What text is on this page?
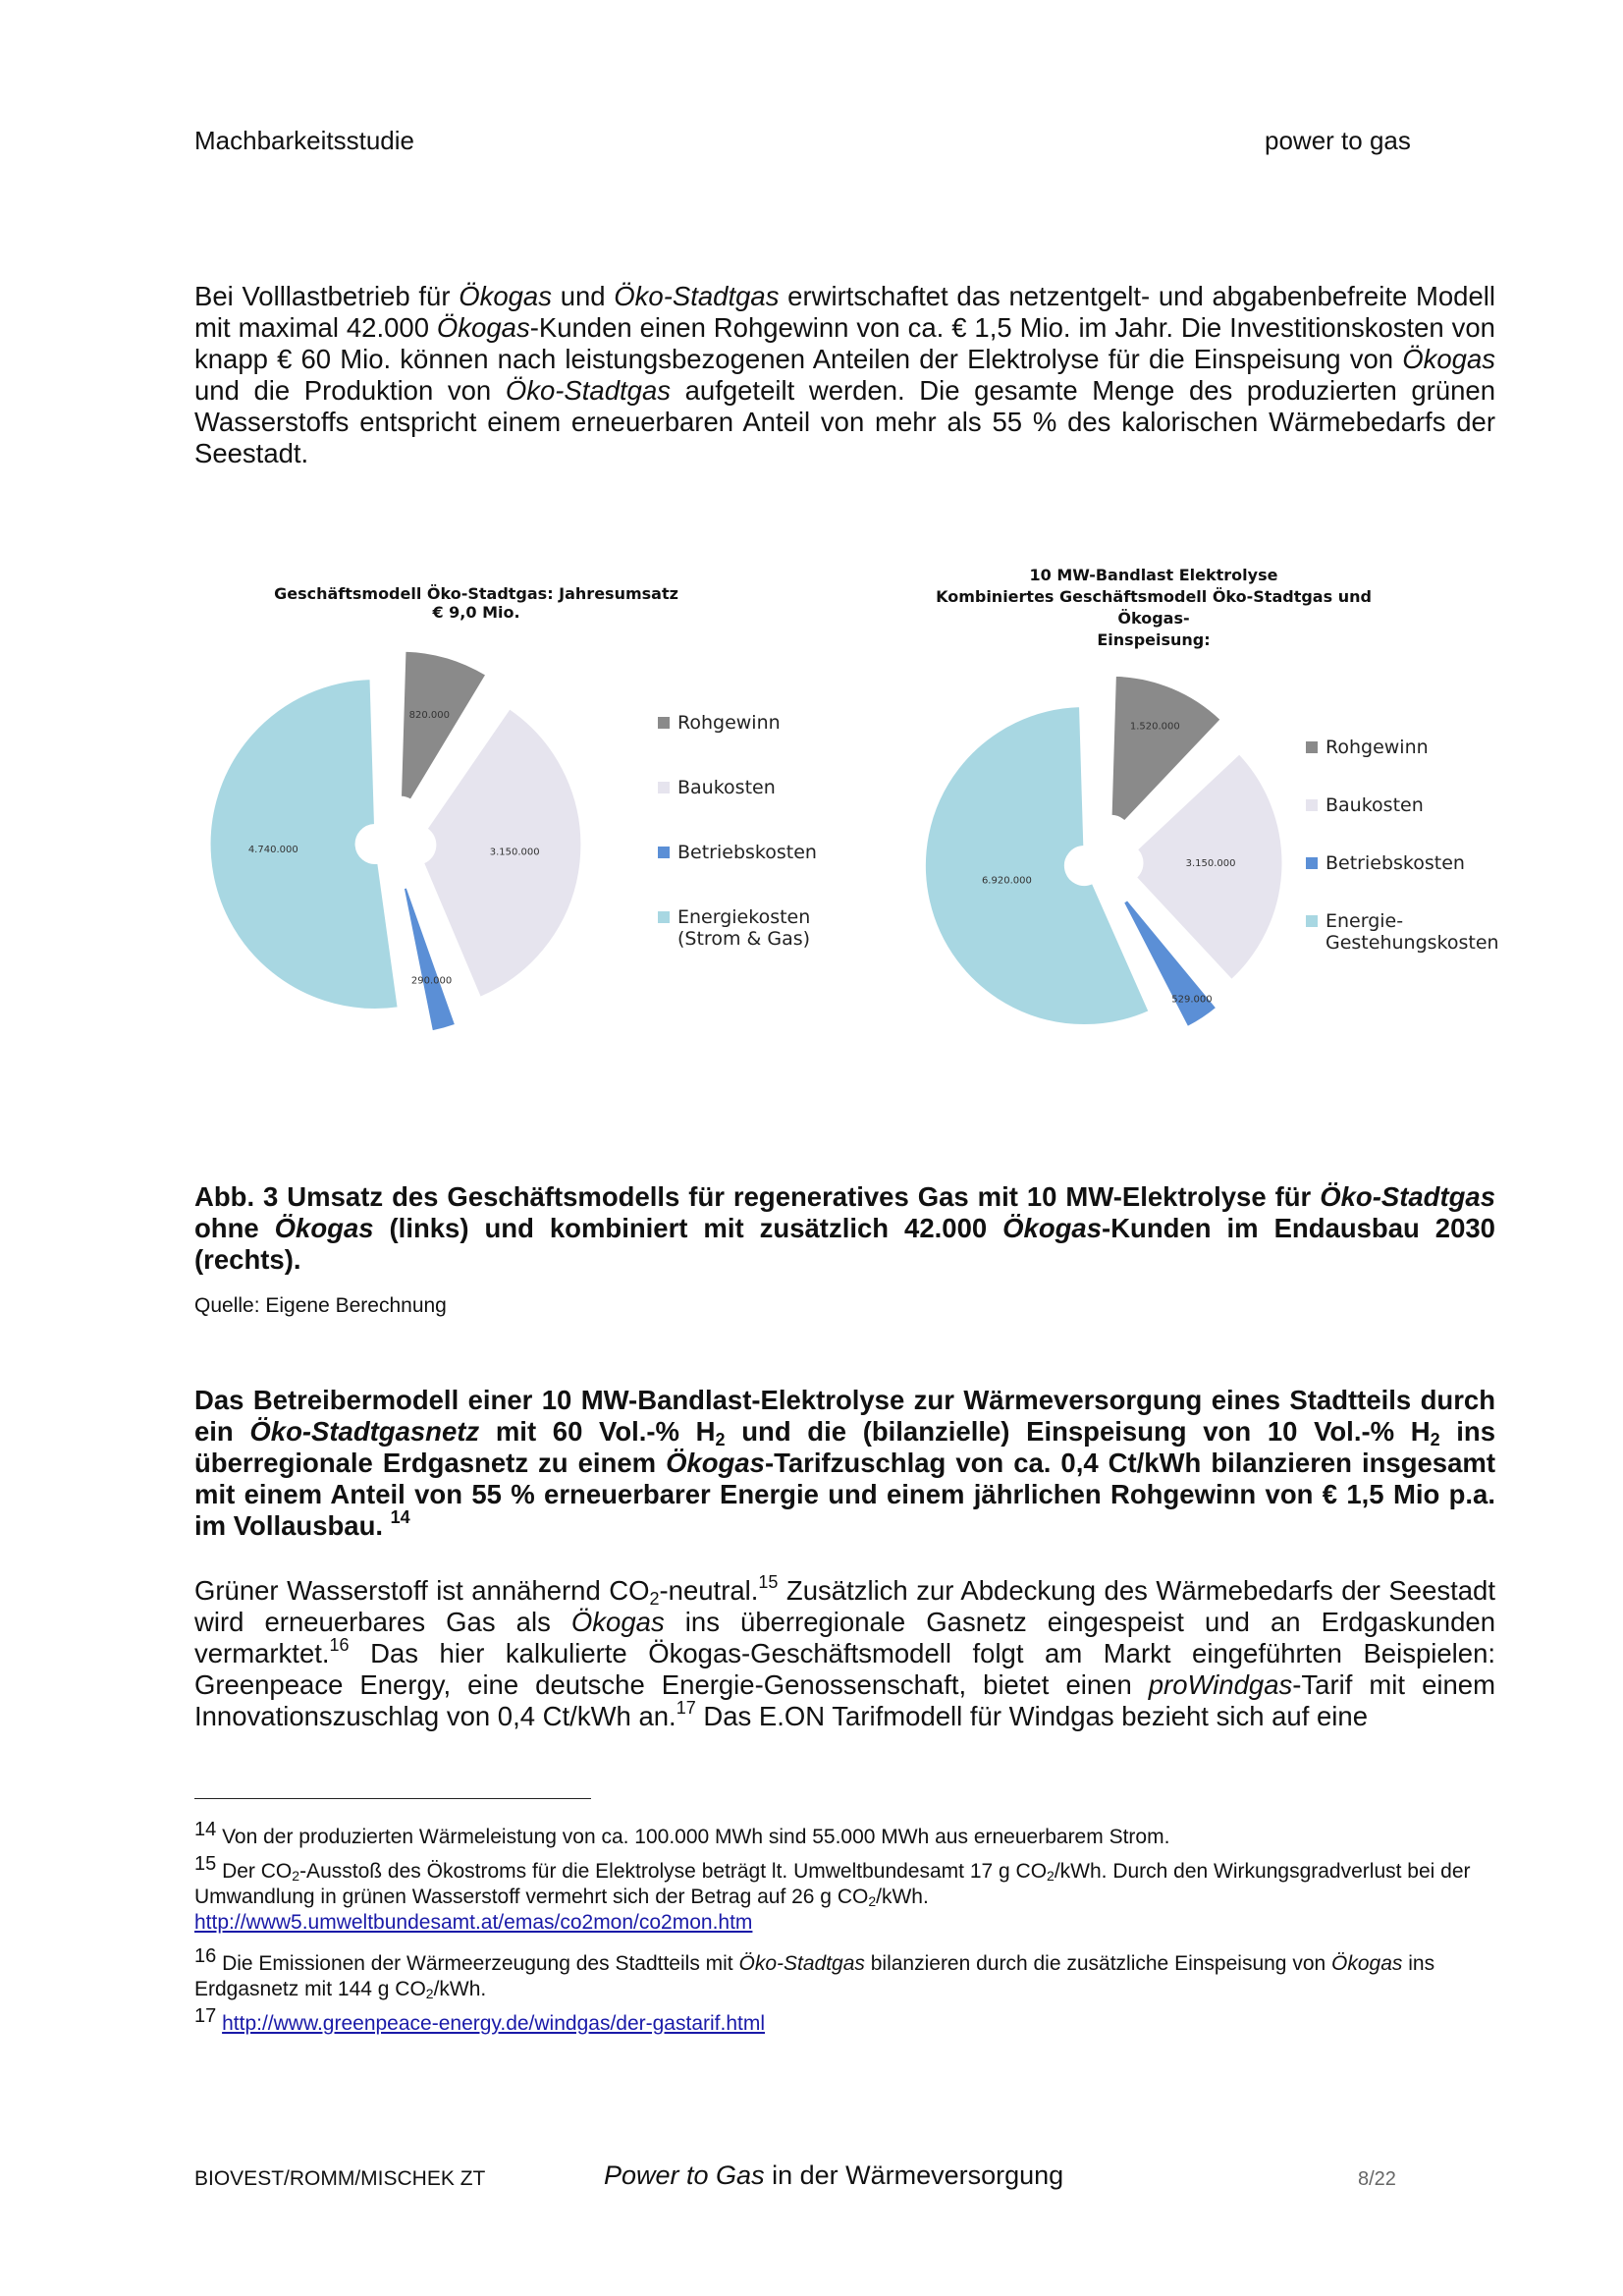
Machbarkeitsstudie	power to gas
Bei Volllastbetrieb für Ökogas und Öko-Stadtgas erwirtschaftet das netzentgelt- und abgabenbefreite Modell mit maximal 42.000 Ökogas-Kunden einen Rohgewinn von ca. € 1,5 Mio. im Jahr. Die Investitionskosten von knapp € 60 Mio. können nach leistungsbezogenen Anteilen der Elektrolyse für die Einspeisung von Ökogas und die Produktion von Öko-Stadtgas aufgeteilt werden. Die gesamte Menge des produzierten grünen Wasserstoffs entspricht einem erneuerbaren Anteil von mehr als 55 % des kalorischen Wärmebedarfs der Seestadt.
Geschäftsmodell Öko-Stadtgas: Jahresumsatz € 9,0 Mio.
820.000
3.150.000
290.000
4.740.000
Rohgewinn
Baukosten
Betriebskosten
Energiekosten
(Strom & Gas)
10 MW-Bandlast Elektrolyse
Kombiniertes Geschäftsmodell Öko-Stadtgas und Ökogas-
Einspeisung:
1.520.000
3.150.000
529.000
6.920.000
Rohgewinn
Baukosten
Betriebskosten
Energie-
Gestehungskosten
Abb. 3 Umsatz des Geschäftsmodells für regeneratives Gas mit 10 MW-Elektrolyse für Öko-Stadtgas ohne Ökogas (links) und kombiniert mit zusätzlich 42.000 Ökogas-Kunden im Endausbau 2030 (rechts).
Quelle: Eigene Berechnung
Das Betreibermodell einer 10 MW-Bandlast-Elektrolyse zur Wärmeversorgung eines Stadtteils durch ein Öko-Stadtgasnetz mit 60 Vol.-% $H_2$ und die (bilanzielle) Einspeisung von 10 Vol.-% $H_2$ ins überregionale Erdgasnetz zu einem Ökogas-Tarifzuschlag von ca. 0,4 Ct/kWh bilanzieren insgesamt mit einem Anteil von 55 % erneuerbarer Energie und einem jährlichen Rohgewinn von € 1,5 Mio p.a. im Vollausbau. $^{14}$
Grüner Wasserstoff ist annähernd $CO_2-neutral.^{15}$ Zusätzlich zur Abdeckung des Wärmebedarfs der Seestadt wird erneuerbares Gas als Ökogas ins überregionale Gasnetz eingespeist und an Erdgaskunden vermarktet.$^{16}$ Das hier kalkulierte Ökogas-Geschäftsmodell folgt am Markt eingeführten Beispielen: Greenpeace Energy, eine deutsche Energie-Genossenschaft, bietet einen proWindgas-Tarif mit einem Innovationszuschlag von 0,4 Ct/kWh an.$^{17}$ Das E.ON Tarifmodell für Windgas bezieht sich auf eine
$^{14}$ Von der produzierten Wärmeleistung von ca. 100.000 MWh sind 55.000 MWh aus erneuerbarem Strom.
$^{15}$ Der $CO_2$-Ausstoß des Ökostroms für die Elektrolyse beträgt lt. Umweltbundesamt 17 g $CO_2$/kWh. Durch den Wirkungsgradverlust bei der Umwandlung in grünen Wasserstoff vermehrt sich der Betrag auf 26 g $CO_2$/kWh.
http://www5.umweltbundesamt.at/emas/co2mon/co2mon.htm
$^{16}$ Die Emissionen der Wärmeerzeugung des Stadtteils mit Öko-Stadtgas bilanzieren durch die zusätzliche Einspeisung von Ökogas ins Erdgasnetz mit 144 g $CO_2$/kWh.
$^{17}$ http://www.greenpeace-energy.de/windgas/der-gastarif.html
BIOVEST/ROMM/MISCHEK ZT	Power to Gas in der Wärmeversorgung	8/22
